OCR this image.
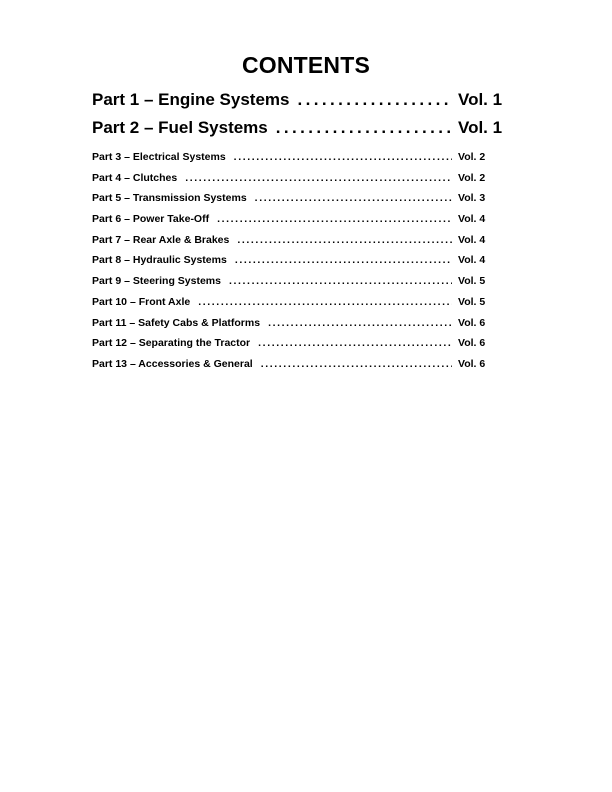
CONTENTS
Part 1 – Engine Systems .....	Vol. 1
Part 2 – Fuel Systems .....	Vol. 1
Part 3 – Electrical Systems .....	Vol. 2
Part 4 – Clutches .....	Vol. 2
Part 5 – Transmission Systems .....	Vol. 3
Part 6 – Power Take-Off .....	Vol. 4
Part 7 – Rear Axle & Brakes .....	Vol. 4
Part 8 – Hydraulic Systems .....	Vol. 4
Part 9 – Steering Systems .....	Vol. 5
Part 10 – Front Axle .....	Vol. 5
Part 11 – Safety Cabs & Platforms .....	Vol. 6
Part 12 – Separating the Tractor .....	Vol. 6
Part 13 – Accessories & General .....	Vol. 6
